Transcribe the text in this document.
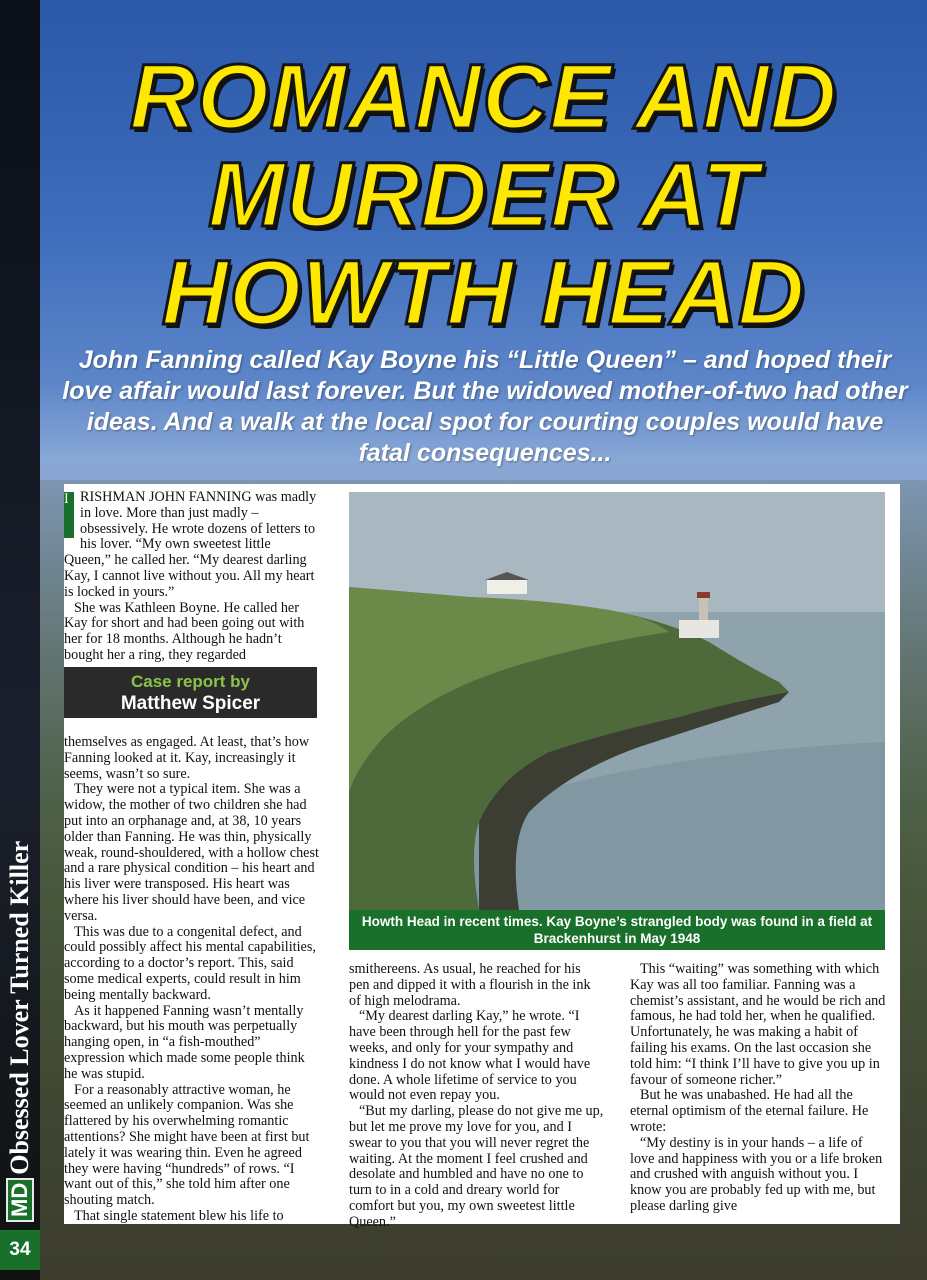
MD
Obsessed Lover Turned Killer
34
ROMANCE AND
MURDER AT
HOWTH HEAD

John Fanning called Kay Boyne his “Little Queen” – and hoped their love affair would last forever. But the widowed mother-of-two had other ideas. And a walk at the local spot for courting couples would have fatal consequences...

I RISHMAN JOHN FANNING was madly in love. More than just madly – obsessively. He wrote dozens of letters to his lover. “My own sweetest little Queen,” he called her. “My dearest darling Kay, I cannot live without you. All my heart is locked in yours.”

She was Kathleen Boyne. He called her Kay for short and had been going out with her for 18 months. Although he hadn’t bought her a ring, they regarded

Case report by
Matthew Spicer

themselves as engaged. At least, that’s how Fanning looked at it. Kay, increasingly it seems, wasn’t so sure.

They were not a typical item. She was a widow, the mother of two children she had put into an orphanage and, at 38, 10 years older than Fanning. He was thin, physically weak, round-shouldered, with a hollow chest and a rare physical condition – his heart and his liver were transposed. His heart was where his liver should have been, and vice versa.

This was due to a congenital defect, and could possibly affect his mental capabilities, according to a doctor’s report. This, said some medical experts, could result in him being mentally backward.

As it happened Fanning wasn’t mentally backward, but his mouth was perpetually hanging open, in “a fish-mouthed” expression which made some people think he was stupid.

For a reasonably attractive woman, he seemed an unlikely companion. Was she flattered by his overwhelming romantic attentions? She might have been at first but lately it was wearing thin. Even he agreed they were having “hundreds” of rows. “I want out of this,” she told him after one shouting match.

That single statement blew his life to

Howth Head in recent times. Kay Boyne’s strangled body was found in a field at Brackenhurst in May 1948

smithereens. As usual, he reached for his pen and dipped it with a flourish in the ink of high melodrama.

“My dearest darling Kay,” he wrote. “I have been through hell for the past few weeks, and only for your sympathy and kindness I do not know what I would have done. A whole lifetime of service to you would not even repay you.

“But my darling, please do not give me up, but let me prove my love for you, and I swear to you that you will never regret the waiting. At the moment I feel crushed and desolate and humbled and have no one to turn to in a cold and dreary world for comfort but you, my own sweetest little Queen.”

This “waiting” was something with which Kay was all too familiar. Fanning was a chemist’s assistant, and he would be rich and famous, he had told her, when he qualified. Unfortunately, he was making a habit of failing his exams. On the last occasion she told him: “I think I’ll have to give you up in favour of someone richer.”

But he was unabashed. He had all the eternal optimism of the eternal failure. He wrote:

“My destiny is in your hands – a life of love and happiness with you or a life broken and crushed with anguish without you. I know you are probably fed up with me, but please darling give
